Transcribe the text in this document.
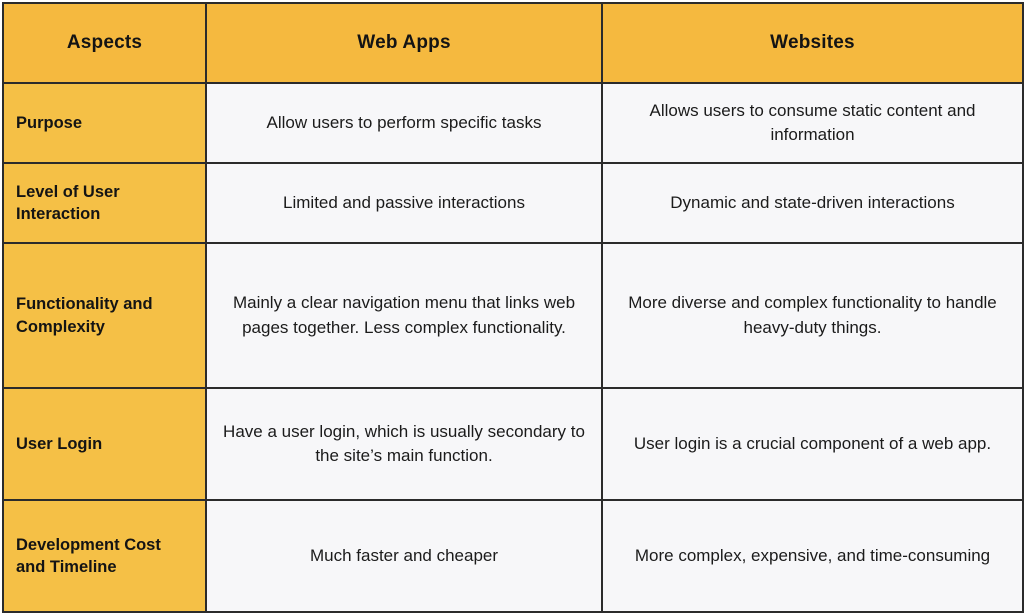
Aspects	Web Apps	Websites
Purpose	Allow users to perform specific tasks	Allows users to consume static content and information
Level of User Interaction	Limited and passive interactions	Dynamic and state-driven interactions
Functionality and Complexity	Mainly a clear navigation menu that links web pages together. Less complex functionality.	More diverse and complex functionality to handle heavy-duty things.
User Login	Have a user login, which is usually secondary to the site’s main function.	User login is a crucial component of a web app.
Development Cost and Timeline	Much faster and cheaper	More complex, expensive, and time-consuming
